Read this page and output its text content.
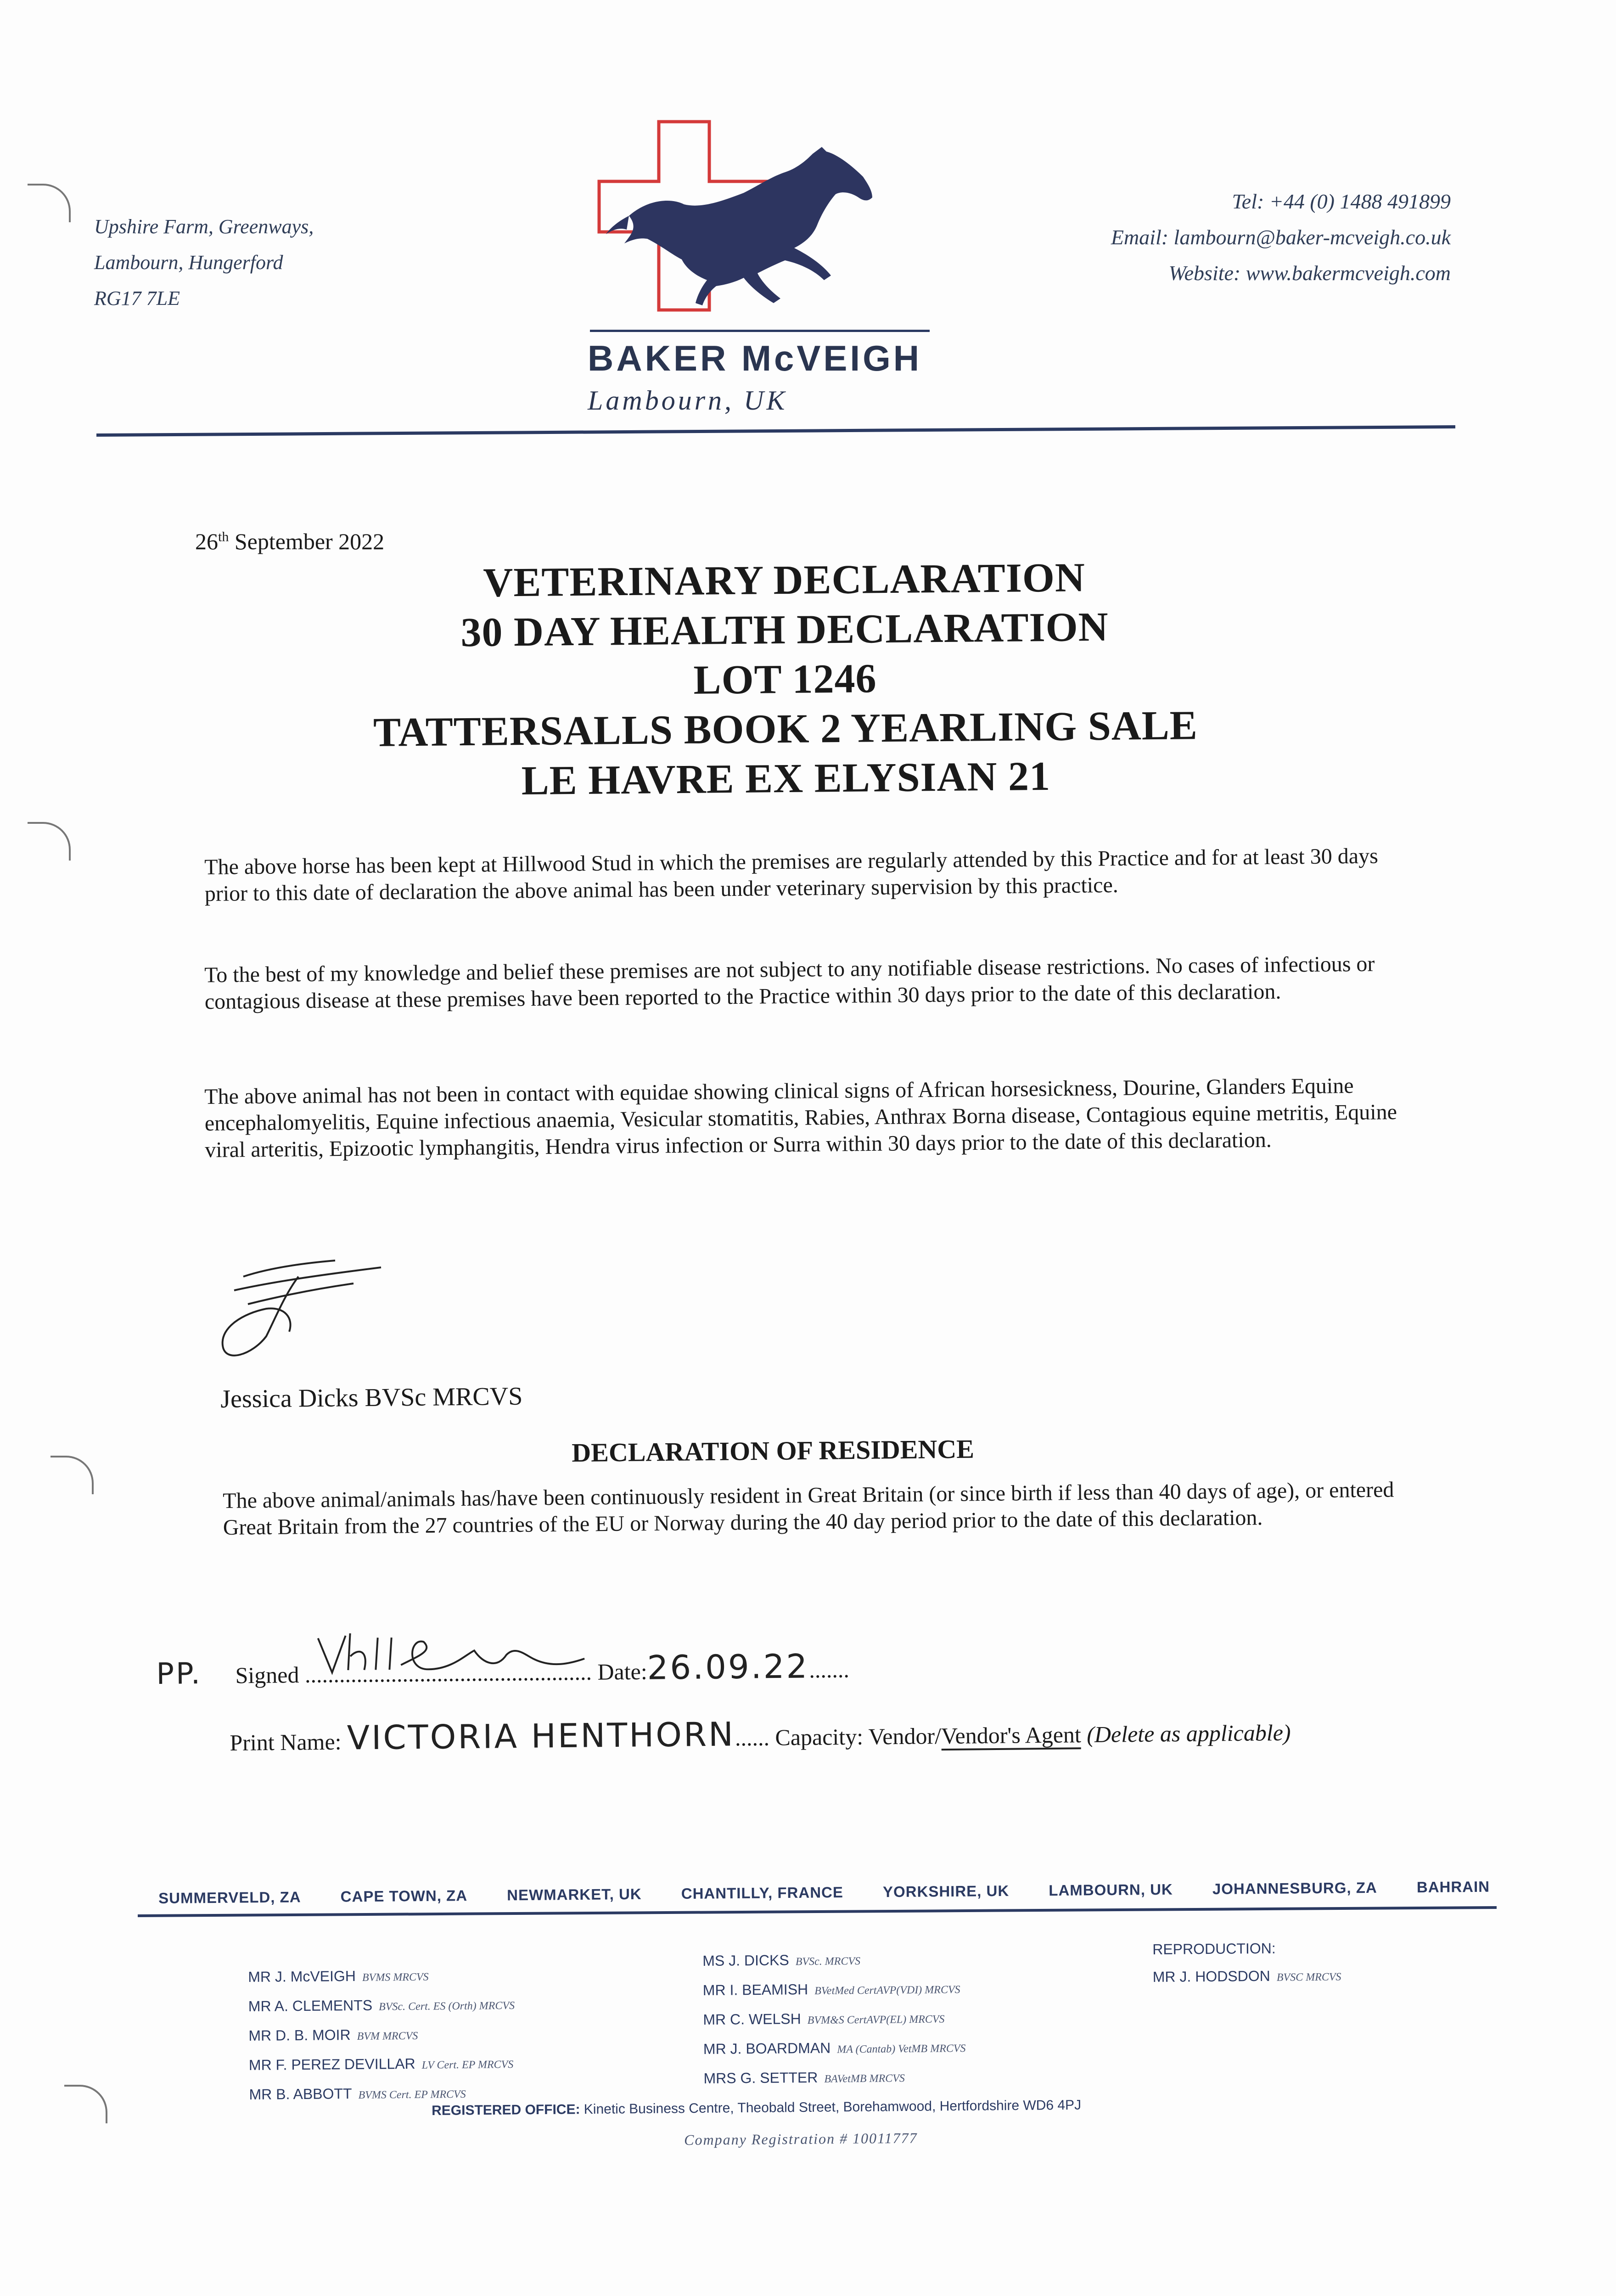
Upshire Farm, Greenways,
Lambourn, Hungerford
RG17 7LE
BAKER McVEIGH
Lambourn, UK
Tel: +44 (0) 1488 491899
Email: lambourn@baker-mcveigh.co.uk
Website: www.bakermcveigh.com
26th September 2022
VETERINARY DECLARATION
30 DAY HEALTH DECLARATION
LOT 1246
TATTERSALLS BOOK 2 YEARLING SALE
LE HAVRE EX ELYSIAN 21
The above horse has been kept at Hillwood Stud in which the premises are regularly attended by this Practice and for at least 30 days prior to this date of declaration the above animal has been under veterinary supervision by this practice.
To the best of my knowledge and belief these premises are not subject to any notifiable disease restrictions. No cases of infectious or contagious disease at these premises have been reported to the Practice within 30 days prior to the date of this declaration.
The above animal has not been in contact with equidae showing clinical signs of African horsesickness, Dourine, Glanders Equine encephalomyelitis, Equine infectious anaemia, Vesicular stomatitis, Rabies, Anthrax Borna disease, Contagious equine metritis, Equine viral arteritis, Epizootic lymphangitis, Hendra virus infection or Surra within 30 days prior to the date of this declaration.
Jessica Dicks BVSc MRCVS
DECLARATION OF RESIDENCE
The above animal/animals has/have been continuously resident in Great Britain (or since birth if less than 40 days of age), or entered Great Britain from the 27 countries of the EU or Norway during the 40 day period prior to the date of this declaration.
PP. Signed .................................................. Date:26.09.22.......
Print Name: VICTORIA HENTHORN...... Capacity: Vendor/Vendor's Agent (Delete as applicable)
SUMMERVELD, ZA	CAPE TOWN, ZA	NEWMARKET, UK	CHANTILLY, FRANCE	YORKSHIRE, UK	LAMBOURN, UK	JOHANNESBURG, ZA	BAHRAIN
MR J. McVEIGH BVMS MRCVS
MR A. CLEMENTS BVSc. Cert. ES (Orth) MRCVS
MR D. B. MOIR BVM MRCVS
MR F. PEREZ DEVILLAR LV Cert. EP MRCVS
MR B. ABBOTT BVMS Cert. EP MRCVS
MS J. DICKS BVSc. MRCVS
MR I. BEAMISH BVetMed CertAVP(VDI) MRCVS
MR C. WELSH BVM&S CertAVP(EL) MRCVS
MR J. BOARDMAN MA (Cantab) VetMB MRCVS
MRS G. SETTER BAVetMB MRCVS
REPRODUCTION:
MR J. HODSDON BVSC MRCVS
REGISTERED OFFICE: Kinetic Business Centre, Theobald Street, Borehamwood, Hertfordshire WD6 4PJ
Company Registration # 10011777
